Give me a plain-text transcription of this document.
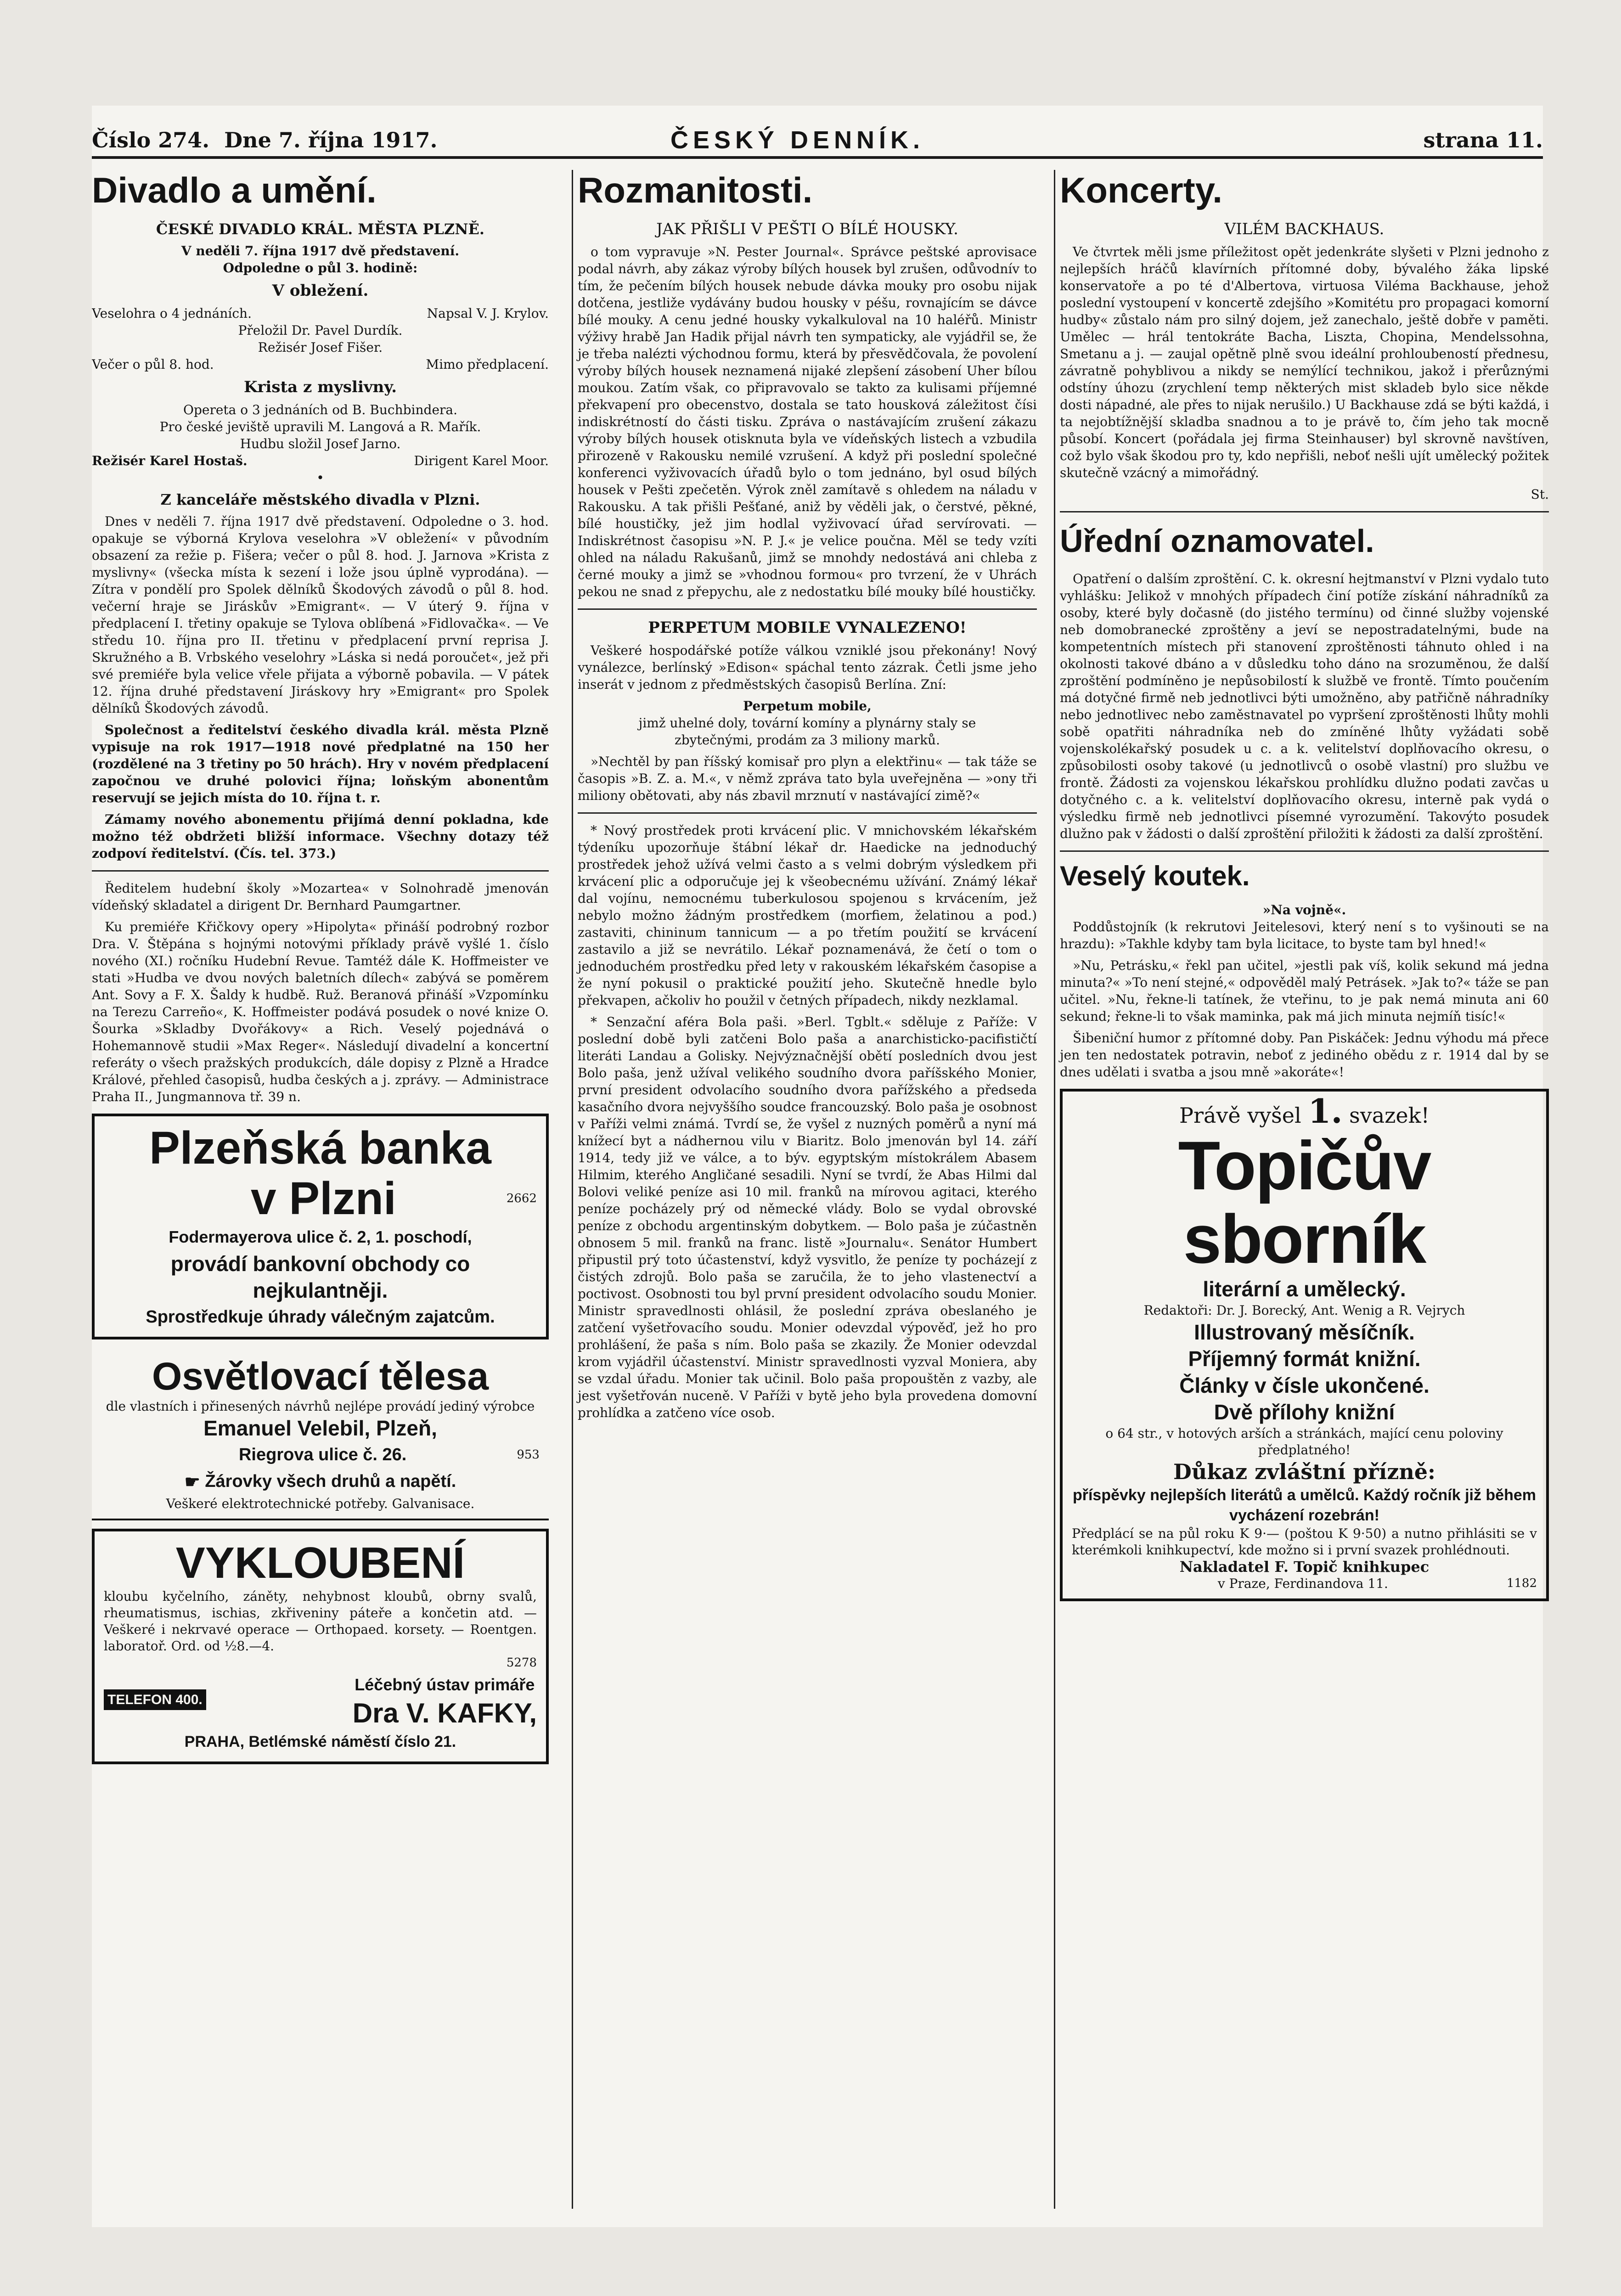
Číslo 274. Dne 7. října 1917.	ČESKÝ DENNÍK.	strana 11.
Divadlo a umění.
ČESKÉ DIVADLO KRÁL. MĚSTA PLZNĚ.
V neděli 7. října 1917 dvě představení.
Odpoledne o půl 3. hodině:
V obležení.
Veselohra o 4 jednáních.	Napsal V. J. Krylov.
Přeložil Dr. Pavel Durdík.
Režisér Josef Fišer.
Večer o půl 8. hod.	Mimo předplacení.
Krista z myslivny.
Opereta o 3 jednáních od B. Buchbindera.
Pro české jeviště upravili M. Langová a R. Mařík.
Hudbu složil Josef Jarno.
Režisér Karel Hostaš.	Dirigent Karel Moor.
•
Z kanceláře městského divadla v Plzni.

Dnes v neděli 7. října 1917 dvě představení. Odpoledne o 3. hod. opakuje se výborná Krylova veselohra »V obležení« v původním obsazení za režie p. Fišera; večer o půl 8. hod. J. Jarnova »Krista z myslivny« (všecka místa k sezení i lože jsou úplně vyprodána). — Zítra v pondělí pro Spolek dělníků Škodových závodů o půl 8. hod. večerní hraje se Jiráskův »Emigrant«. — V úterý 9. října v předplacení I. třetiny opakuje se Tylova oblíbená »Fidlovačka«. — Ve středu 10. října pro II. třetinu v předplacení první reprisa J. Skružného a B. Vrbského veselohry »Láska si nedá poroučet«, jež při své premiéře byla velice vřele přijata a výborně pobavila. — V pátek 12. října druhé představení Jiráskovy hry »Emigrant« pro Spolek dělníků Škodových závodů.

Společnost a ředitelství českého divadla král. města Plzně vypisuje na rok 1917—1918 nové předplatné na 150 her (rozdělené na 3 třetiny po 50 hrách). Hry v novém předplacení započnou ve druhé polovici října; loňským abonentům reservují se jejich místa do 10. října t. r.

Zámamy nového abonementu přijímá denní pokladna, kde možno též obdržeti bližší informace. Všechny dotazy též zodpoví ředitelství. (Čís. tel. 373.)

Ředitelem hudební školy »Mozartea« v Solnohradě jmenován vídeňský skladatel a dirigent Dr. Bernhard Paumgartner.

Ku premiéře Křičkovy opery »Hipolyta« přináší podrobný rozbor Dra. V. Štěpána s hojnými notovými příklady právě vyšlé 1. číslo nového (XI.) ročníku Hudební Revue. Tamtéž dále K. Hoffmeister ve stati »Hudba ve dvou nových baletních dílech« zabývá se poměrem Ant. Sovy a F. X. Šaldy k hudbě. Ruž. Beranová přináší »Vzpomínku na Terezu Carreño«, K. Hoffmeister podává posudek o nové knize O. Šourka »Skladby Dvořákovy« a Rich. Veselý pojednává o Hohemannově studii »Max Reger«. Následují divadelní a koncertní referáty o všech pražských produkcích, dále dopisy z Plzně a Hradce Králové, přehled časopisů, hudba českých a j. zprávy. — Administrace Praha II., Jungmannova tř. 39 n.

Plzeňská banka
v Plzni	2662
Fodermayerova ulice č. 2, 1. poschodí,
provádí bankovní obchody co nejkulantněji.
Sprostředkuje úhrady válečným zajatcům.
Osvětlovací tělesa
dle vlastních i přinesených návrhů nejlépe provádí jediný výrobce
Emanuel Velebil, Plzeň,
Riegrova ulice č. 26.	953
☛ Žárovky všech druhů a napětí.
Veškeré elektrotechnické potřeby. Galvanisace.
VYKLOUBENÍ
kloubu kyčelního, záněty, nehybnost kloubů, obrny svalů, rheumatismus, ischias, zkřiveniny páteře a končetin atd. — Veškeré i nekrvavé operace — Orthopaed. korsety. — Roentgen. laboratoř. Ord. od ½8.—4.
5278
TELEFON 400.
Léčebný ústav primáře
Dra V. KAFKY,
PRAHA, Betlémské náměstí číslo 21.
Rozmanitosti.
JAK PŘIŠLI V PEŠTI O BÍLÉ HOUSKY.

o tom vypravuje »N. Pester Journal«. Správce peštské aprovisace podal návrh, aby zákaz výroby bílých housek byl zrušen, odůvodnív to tím, že pečením bílých housek nebude dávka mouky pro osobu nijak dotčena, jestliže vydávány budou housky v péšu, rovnajícím se dávce bílé mouky. A cenu jedné housky vykalkuloval na 10 haléřů. Ministr výživy hrabě Jan Hadik přijal návrh ten sympaticky, ale vyjádřil se, že je třeba nalézti východnou formu, která by přesvědčovala, že povolení výroby bílých housek neznamená nijaké zlepšení zásobení Uher bílou moukou. Zatím však, co připravovalo se takto za kulisami příjemné překvapení pro obecenstvo, dostala se tato housková záležitost čísi indiskrétností do části tisku. Zpráva o nastávajícím zrušení zákazu výroby bílých housek otisknuta byla ve vídeňských listech a vzbudila přirozeně v Rakousku nemilé vzrušení. A když při poslední společné konferenci vyživovacích úřadů bylo o tom jednáno, byl osud bílých housek v Pešti zpečetěn. Výrok zněl zamítavě s ohledem na náladu v Rakousku. A tak přišli Pešťané, aniž by věděli jak, o čerstvé, pěkné, bílé houstičky, jež jim hodlal vyživovací úřad servírovati. — Indiskrétnost časopisu »N. P. J.« je velice poučna. Měl se tedy vzíti ohled na náladu Rakušanů, jimž se mnohdy nedostává ani chleba z černé mouky a jimž se »vhodnou formou« pro tvrzení, že v Uhrách pekou ne snad z přepychu, ale z nedostatku bílé mouky bílé houstičky.

PERPETUM MOBILE VYNALEZENO!

Veškeré hospodářské potíže válkou vzniklé jsou překonány! Nový vynálezce, berlínský »Edison« spáchal tento zázrak. Četli jsme jeho inserát v jednom z předměstských časopisů Berlína. Zní:

Perpetum mobile,

jimž uhelné doly, tovární komíny a plynárny staly se zbytečnými, prodám za 3 miliony marků.

»Nechtěl by pan říšský komisař pro plyn a elektřinu« — tak táže se časopis »B. Z. a. M.«, v němž zpráva tato byla uveřejněna — »ony tři miliony obětovati, aby nás zbavil mrznutí v nastávající zimě?«

* Nový prostředek proti krvácení plic. V mnichovském lékařském týdeníku upozorňuje štábní lékař dr. Haedicke na jednoduchý prostředek jehož užívá velmi často a s velmi dobrým výsledkem při krvácení plic a odporučuje jej k všeobecnému užívání. Známý lékař dal vojínu, nemocnému tuberkulosou spojenou s krvácením, jež nebylo možno žádným prostředkem (morfiem, želatinou a pod.) zastaviti, chininum tannicum — a po třetím použití se krvácení zastavilo a již se nevrátilo. Lékař poznamenává, že četí o tom o jednoduchém prostředku před lety v rakouském lékařském časopise a že nyní pokusil o praktické použití jeho. Skutečně hnedle bylo překvapen, ačkoliv ho použil v četných případech, nikdy nezklamal.

* Senzační aféra Bola paši. »Berl. Tgblt.« sděluje z Paříže: V poslední době byli zatčeni Bolo paša a anarchisticko-pacifističtí literáti Landau a Golisky. Nejvýznačnější obětí posledních dvou jest Bolo paša, jenž užíval velikého soudního dvora paříšského Monier, první president odvolacího soudního dvora pařížského a předseda kasačního dvora nejvyššího soudce francouzský. Bolo paša je osobnost v Paříži velmi známá. Tvrdí se, že vyšel z nuzných poměrů a nyní má knížecí byt a nádhernou vilu v Biaritz. Bolo jmenován byl 14. září 1914, tedy již ve válce, a to býv. egyptským místokrálem Abasem Hilmim, kterého Angličané sesadili. Nyní se tvrdí, že Abas Hilmi dal Bolovi veliké peníze asi 10 mil. franků na mírovou agitaci, kterého peníze pocházely prý od německé vlády. Bolo se vydal obrovské peníze z obchodu argentinským dobytkem. — Bolo paša je zúčastněn obnosem 5 mil. franků na franc. listě »Journalu«. Senátor Humbert připustil prý toto účastenství, když vysvitlo, že peníze ty pocházejí z čistých zdrojů. Bolo paša se zaručila, že to jeho vlastenectví a poctivost. Osobnosti tou byl první president odvolacího soudu Monier. Ministr spravedlnosti ohlásil, že poslední zpráva obeslaného je zatčení vyšetřovacího soudu. Monier odevzdal výpověď, jež ho pro prohlášení, že paša s ním. Bolo paša se zkazily. Že Monier odevzdal krom vyjádřil účastenství. Ministr spravedlnosti vyzval Moniera, aby se vzdal úřadu. Monier tak učinil. Bolo paša propouštěn z vazby, ale jest vyšetřován nuceně. V Paříži v bytě jeho byla provedena domovní prohlídka a zatčeno více osob.

Koncerty.
VILÉM BACKHAUS.

Ve čtvrtek měli jsme příležitost opět jedenkráte slyšeti v Plzni jednoho z nejlepších hráčů klavírních přítomné doby, bývalého žáka lipské konservatoře a po té d'Albertova, virtuosa Viléma Backhause, jehož poslední vystoupení v koncertě zdejšího »Komitétu pro propagaci komorní hudby« zůstalo nám pro silný dojem, jež zanechalo, ještě dobře v paměti. Umělec — hrál tentokráte Bacha, Liszta, Chopina, Mendelssohna, Smetanu a j. — zaujal opětně plně svou ideální prohloubeností přednesu, závratně pohyblivou a nikdy se nemýlící technikou, jakož i přerůznými odstíny úhozu (zrychlení temp některých mist skladeb bylo sice někde dosti nápadné, ale přes to nijak nerušilo.) U Backhause zdá se býti každá, i ta nejobtížnější skladba snadnou a to je právě to, čím jeho tak mocně působí. Koncert (pořádala jej firma Steinhauser) byl skrovně navštíven, což bylo však škodou pro ty, kdo nepřišli, neboť nešli ujít umělecký požitek skutečně vzácný a mimořádný.

St.
Úřední oznamovatel.

Opatření o dalším zproštění. C. k. okresní hejtmanství v Plzni vydalo tuto vyhlášku: Jelikož v mnohých případech činí potíže získání náhradníků za osoby, které byly dočasně (do jistého termínu) od činné služby vojenské neb domobranecké zproštěny a jeví se nepostradatelnými, bude na kompetentních místech při stanovení zproštěnosti táhnuto ohled i na okolnosti takové dbáno a v důsledku toho dáno na srozuměnou, že další zproštění podmíněno je nepůsobilostí k službě ve frontě. Tímto poučením má dotyčné firmě neb jednotlivci býti umožněno, aby patřičně náhradníky nebo jednotlivec nebo zaměstnavatel po vypršení zproštěnosti lhůty mohli sobě opatřiti náhradníka neb do zmíněné lhůty vyžádati sobě vojenskolékařský posudek u c. a k. velitelství doplňovacího okresu, o způsobilosti osoby takové (u jednotlivců o osobě vlastní) pro službu ve frontě. Žádosti za vojenskou lékařskou prohlídku dlužno podati zavčas u dotyčného c. a k. velitelství doplňovacího okresu, interně pak vydá o výsledku firmě neb jednotlivci písemné vyrozumění. Takovýto posudek dlužno pak v žádosti o další zproštění přiložiti k žádosti za další zproštění.

Veselý koutek.
»Na vojně«.

Poddůstojník (k rekrutovi Jeitelesovi, který není s to vyšinouti se na hrazdu): »Takhle kdyby tam byla licitace, to byste tam byl hned!«

»Nu, Petrásku,« řekl pan učitel, »jestli pak víš, kolik sekund má jedna minuta?« »To není stejné,« odpověděl malý Petrásek. »Jak to?« táže se pan učitel. »Nu, řekne-li tatínek, že vteřinu, to je pak nemá minuta ani 60 sekund; řekne-li to však maminka, pak má jich minuta nejmíň tisíc!«

Šibeniční humor z přítomné doby. Pan Piskáček: Jednu výhodu má přece jen ten nedostatek potravin, neboť z jediného obědu z r. 1914 dal by se dnes udělati i svatba a jsou mně »akoráte«!

Právě vyšel 1. svazek!
Topičův sborník
literární a umělecký.
Redaktoři: Dr. J. Borecký, Ant. Wenig a R. Vejrych
Illustrovaný měsíčník.
Příjemný formát knižní.
Články v čísle ukončené.
Dvě přílohy knižní
o 64 str., v hotových arších a stránkách, mající cenu poloviny předplatného!
Důkaz zvláštní přízně:
příspěvky nejlepších literátů a umělců. Každý ročník již během vycházení rozebrán!
Předplácí se na půl roku K 9·— (poštou K 9·50) a nutno přihlásiti se v kterémkoli knihkupectví, kde možno si i první svazek prohlédnouti.
Nakladatel F. Topič knihkupec
v Praze, Ferdinandova 11.	1182
